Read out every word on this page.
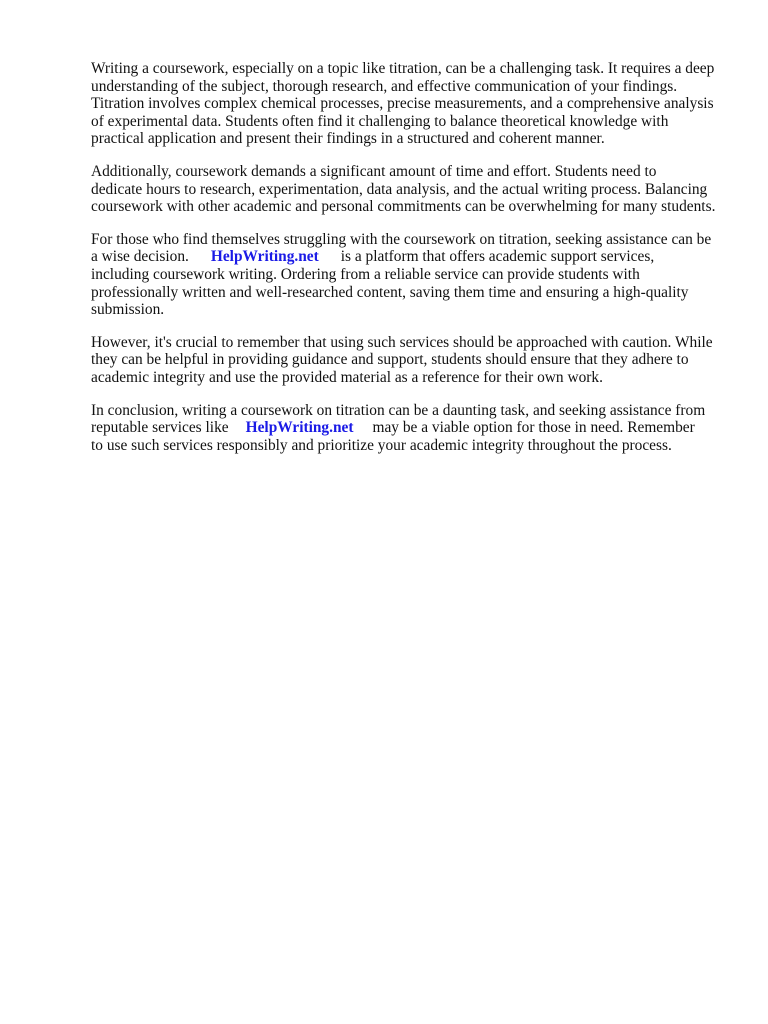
Writing a coursework, especially on a topic like titration, can be a challenging task. It requires a deep
understanding of the subject, thorough research, and effective communication of your findings.
Titration involves complex chemical processes, precise measurements, and a comprehensive analysis
of experimental data. Students often find it challenging to balance theoretical knowledge with
practical application and present their findings in a structured and coherent manner.

Additionally, coursework demands a significant amount of time and effort. Students need to
dedicate hours to research, experimentation, data analysis, and the actual writing process. Balancing
coursework with other academic and personal commitments can be overwhelming for many students.

For those who find themselves struggling with the coursework on titration, seeking assistance can be
a wise decision. HelpWriting.net is a platform that offers academic support services,
including coursework writing. Ordering from a reliable service can provide students with
professionally written and well-researched content, saving them time and ensuring a high-quality
submission.

However, it's crucial to remember that using such services should be approached with caution. While
they can be helpful in providing guidance and support, students should ensure that they adhere to
academic integrity and use the provided material as a reference for their own work.

In conclusion, writing a coursework on titration can be a daunting task, and seeking assistance from
reputable services like HelpWriting.net may be a viable option for those in need. Remember
to use such services responsibly and prioritize your academic integrity throughout the process.
